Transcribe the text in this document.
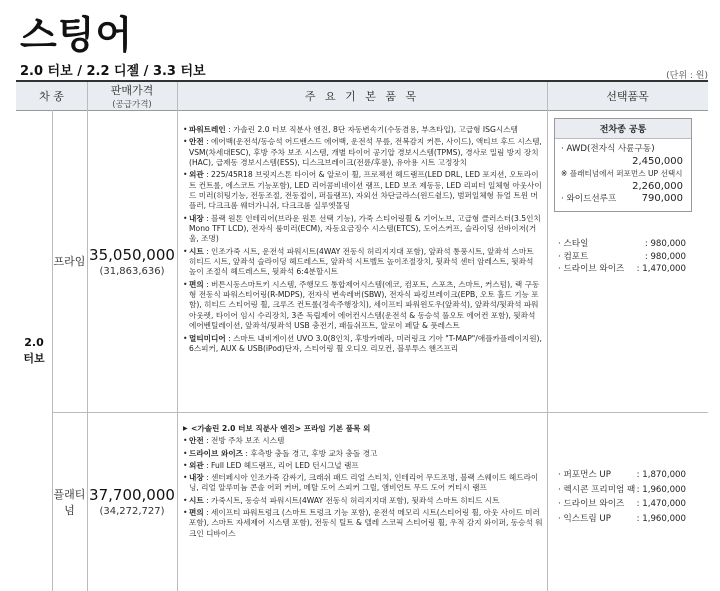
스팅어
2.0 터보 / 2.2 디젤 / 3.3 터보	(단위 : 원)
차 종	판매가격
(공급가격)
주 요 기 본 품 목	선택품목
2.0
터보
프라임 35,050,000
(31,863,636)

• 파워트레인 : 가솔린 2.0 터보 직분사 엔진, 8단 자동변속기(수동겸용, 부츠타입), 고급형 ISG시스템

• 안전 : 에어백(운전석/동승석 어드밴스드 에어백, 운전석 무릎, 전복감지 커튼, 사이드), 액티브 후드 시스템, VSM(차세대ESC), 후방 주차 보조 시스템, 개별 타이어 공기압 경보시스템(TPMS), 경사로 밀림 방지 장치(HAC), 급제동 경보시스템(ESS), 디스크브레이크(전륜/후륜), 유아용 시트 고정장치

• 외관 : 225/45R18 브릿지스톤 타이어 & 알로이 휠, 프로젝션 헤드램프(LED DRL, LED 포지션, 오토라이트 컨트롤, 에스코트 기능포함), LED 리어콤비네이션 램프, LED 보조 제동등, LED 리피터 일체형 아웃사이드 미러(히팅기능, 전동조절, 전동접이, 퍼들램프), 자외선 차단글라스(윈드쉴드), 범퍼일체형 듀얼 트윈 머플러, 다크크롬 웨더가니쉬, 다크크롬 실루엣몰딩

• 내장 : 블랙 원톤 인테리어(브라운 원톤 선택 기능), 가죽 스티어링휠 & 기어노브, 고급형 클러스터(3.5인치 Mono TFT LCD), 전자식 룸미러(ECM), 자동요금징수 시스템(ETCS), 도어스커프, 슬라이딩 선바이저(거울, 조명)

• 시트 : 인조가죽 시트, 운전석 파워시트(4WAY 전동식 허리지지대 포함), 앞좌석 통풍시트, 앞좌석 스마트 히티드 시트, 앞좌석 슬라이딩 헤드레스트, 앞좌석 시트벨트 높이조절장치, 뒷좌석 센터 암레스트, 뒷좌석 높이 조절식 헤드레스트, 뒷좌석 6:4분할시트

• 편의 : 버튼시동스마트키 시스템, 주행모드 통합제어시스템(에코, 컴포트, 스포츠, 스마트, 커스텀), 랙 구동형 전동식 파워스티어링(R-MDPS), 전자식 변속레버(SBW), 전자식 파킹브레이크(EPB, 오토 홀드 기능 포함), 히티드 스티어링 휠, 크루즈 컨트롤(정속주행장치), 세이프티 파워윈도우(앞좌석), 앞좌석/뒷좌석 파워아웃렛, 타이어 임시 수리장치, 3존 독립제어 에어컨시스템(운전석 & 동승석 풀오토 에어컨 포함), 뒷좌석 에어벤틸레이션, 앞좌석/뒷좌석 USB 충전기, 패들쉬프트, 알로이 페달 & 풋레스트

• 멀티미디어 : 스마트 내비게이션 UVO 3.0(8인치, 후방카메라, 미러링크 기아 "T-MAP"/애플카플레이지원), 6스피커, AUX & USB(iPod)단자, 스티어링 휠 오디오 리모컨, 블루투스 핸즈프리

전차종 공통
· AWD(전자식 사륜구동)
2,450,000
※ 플래티넘에서 퍼포먼스 UP 선택시
2,260,000
· 와이드선루프	790,000
· 스타일	: 980,000
· 컴포트	: 980,000
· 드라이브 와이즈 : 1,470,000
플래티넘
37,700,000
(34,272,727)

▶ <가솔린 2.0 터보 직분사 엔진> 프라임 기본 품목 외

• 안전 : 전방 주차 보조 시스템

• 드라이브 와이즈 : 후측방 충돌 경고, 후방 교차 충돌 경고

• 외관 : Full LED 헤드램프, 리어 LED 턴시그널 램프

• 내장 : 센터페시아 인조가죽 감싸기, 크래쉬 패드 리얼 스티치, 인테리어 무드조명, 블랙 스웨이드 헤드라이닝, 리얼 알루미늄 콘솔 어퍼 커버, 메탈 도어 스피커 그릴, 앰비언트 무드 도어 커티시 램프

• 시트 : 가죽시트, 동승석 파워시트(4WAY 전동식 허리지지대 포함), 뒷좌석 스마트 히티드 시트

• 편의 : 세이프티 파워트렁크 (스마트 트렁크 기능 포함), 운전석 메모리 시트(스티어링 휠, 아웃 사이드 미러포함), 스마트 자세제어 시스템 포함), 전동식 틸트 & 텔레 스코픽 스티어링 휠, 우적 감지 와이퍼, 동승석 워크인 디바이스

· 퍼포먼스 UP	: 1,870,000
· 렉시콘 프리미엄 팩 : 1,960,000
· 드라이브 와이즈 : 1,470,000
· 익스트림 UP	: 1,960,000
